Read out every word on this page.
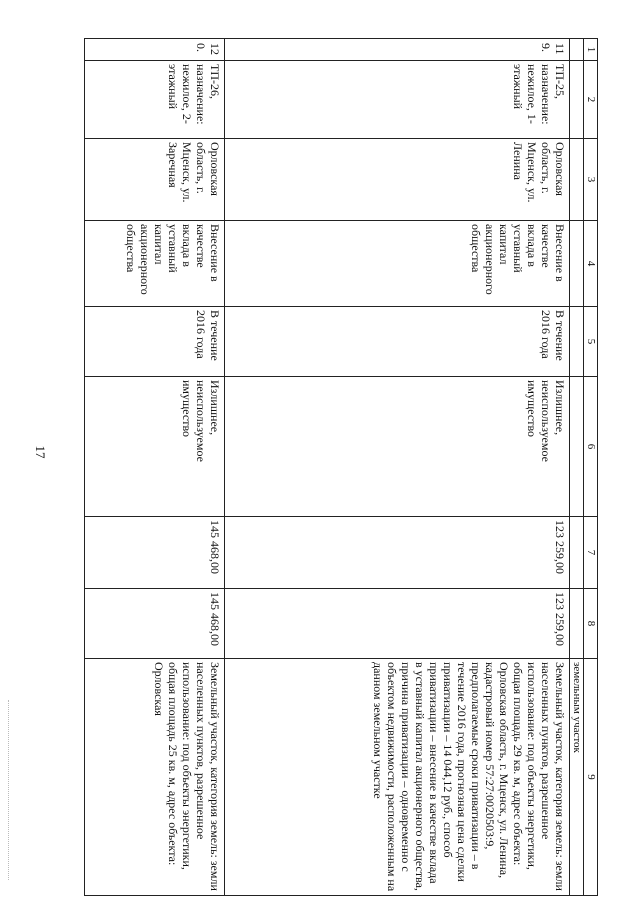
17
1	2	3	4	5	6	7	8	9
								земельным участок
119.	ТП-25, назначение: нежилое, 1-этажный	Орловская область, г. Мценск, ул. Ленина	Внесение в качестве вклада в уставный капитал акционерного общества	В течение 2016 года	Излишнее, неиспользуемое имущество	123 259,00	123 259,00	Земельный участок, категория земель: земли населенных пунктов, разрешенное использование: под объекты энергетики, общая площадь 29 кв. м, адрес объекта: Орловская область, г. Мценск, ул. Ленина, кадастровый номер 57:27:0020503:9, предполагаемые сроки приватизации – в течение 2016 года, прогнозная цена сделки приватизации – 14 044,12 руб., способ приватизации – внесение в качестве вклада в уставный капитал акционерного общества, причина приватизации – одновременно с объектом недвижимости, расположенным на данном земельном участке
120.	ТП-26, назначение: нежилое, 2-этажный	Орловская область, г. Мценск, ул. Заречная	Внесение в качестве вклада в уставный капитал акционерного общества	В течение 2016 года	Излишнее, неиспользуемое имущество	145 468,00	145 468,00	Земельный участок, категория земель: земли населенных пунктов, разрешенное использование: под объекты энергетики, общая площадь 25 кв. м, адрес объекта: Орловская
